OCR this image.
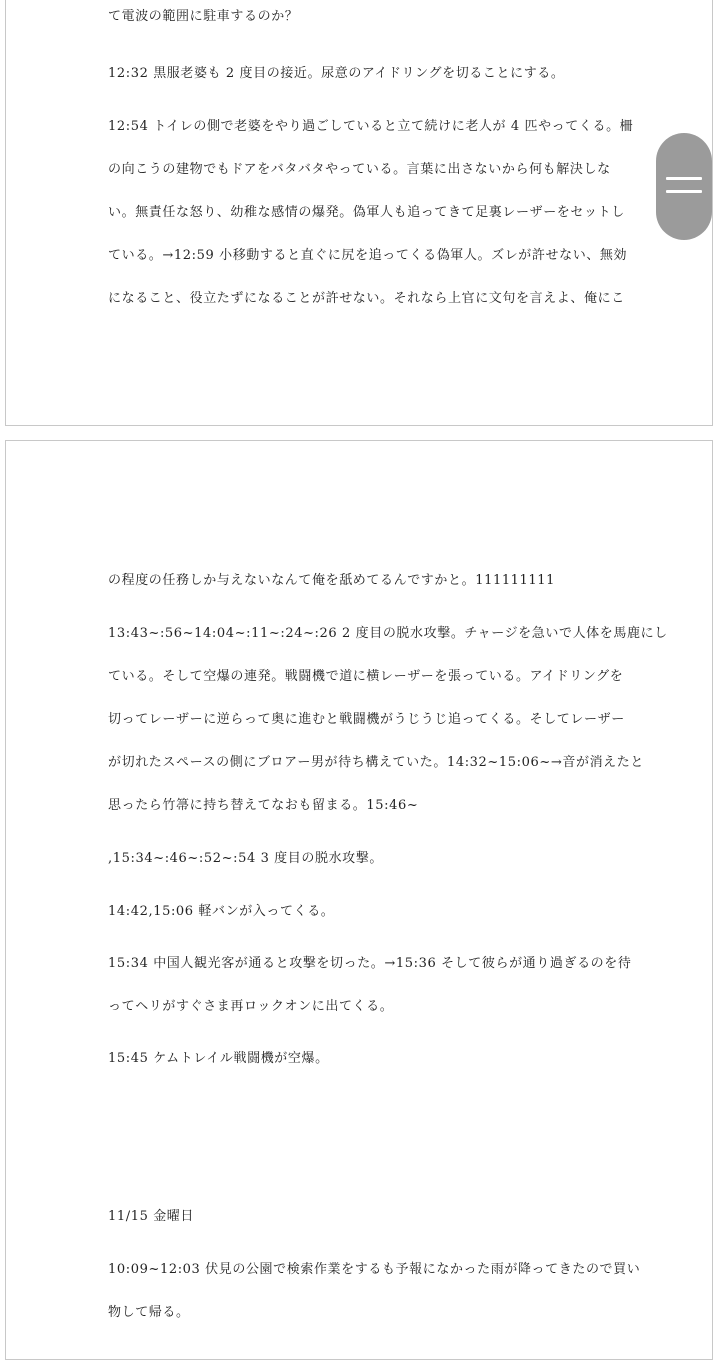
て電波の範囲に駐車するのか？
12:32 黒服老婆も 2 度目の接近。尿意のアイドリングを切ることにする。
12:54 トイレの側で老婆をやり過ごしていると立て続けに老人が 4 匹やってくる。柵
の向こうの建物でもドアをバタバタやっている。言葉に出さないから何も解決しな
い。無責任な怒り、幼稚な感情の爆発。偽軍人も追ってきて足裏レーザーをセットし
ている。→12:59 小移動すると直ぐに尻を追ってくる偽軍人。ズレが許せない、無効
になること、役立たずになることが許せない。それなら上官に文句を言えよ、俺にこ
の程度の任務しか与えないなんて俺を舐めてるんですかと。111111111
13:43~:56~14:04~:11~:24~:26 2 度目の脱水攻撃。チャージを急いで人体を馬鹿にし
ている。そして空爆の連発。戦闘機で道に横レーザーを張っている。アイドリングを
切ってレーザーに逆らって奥に進むと戦闘機がうじうじ追ってくる。そしてレーザー
が切れたスペースの側にブロアー男が待ち構えていた。14:32~15:06~→音が消えたと
思ったら竹箒に持ち替えてなおも留まる。15:46~
,15:34~:46~:52~:54 3 度目の脱水攻撃。
14:42,15:06 軽バンが入ってくる。
15:34 中国人観光客が通ると攻撃を切った。→15:36 そして彼らが通り過ぎるのを待
ってヘリがすぐさま再ロックオンに出てくる。
15:45 ケムトレイル戦闘機が空爆。
11/15 金曜日
10:09~12:03 伏見の公園で検索作業をするも予報になかった雨が降ってきたので買い
物して帰る。
